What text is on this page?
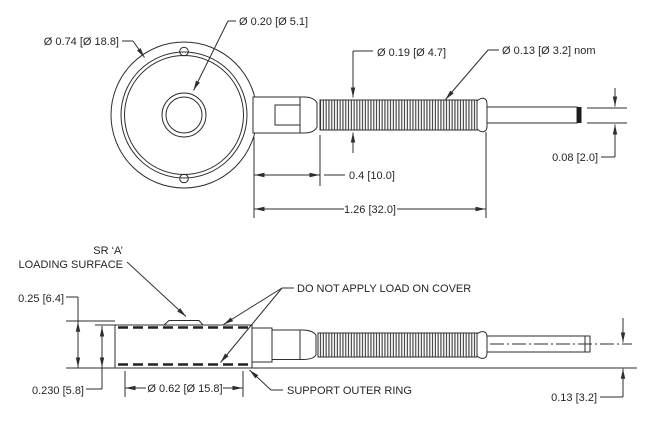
0.4 [10.0]
1.26 [32.0]
0.08 [2.0]
Ø 0.74 [Ø 18.8]
Ø 0.20 [Ø 5.1]
Ø 0.19 [Ø 4.7]	Ø 0.13 [Ø 3.2] nom
0.25 [6.4]
0.230 [5.8]	Ø 0.62 [Ø 15.8]
SR ‘A’
LOADING SURFACE
DO NOT APPLY LOAD ON COVER
SUPPORT OUTER RING
0.13 [3.2]
